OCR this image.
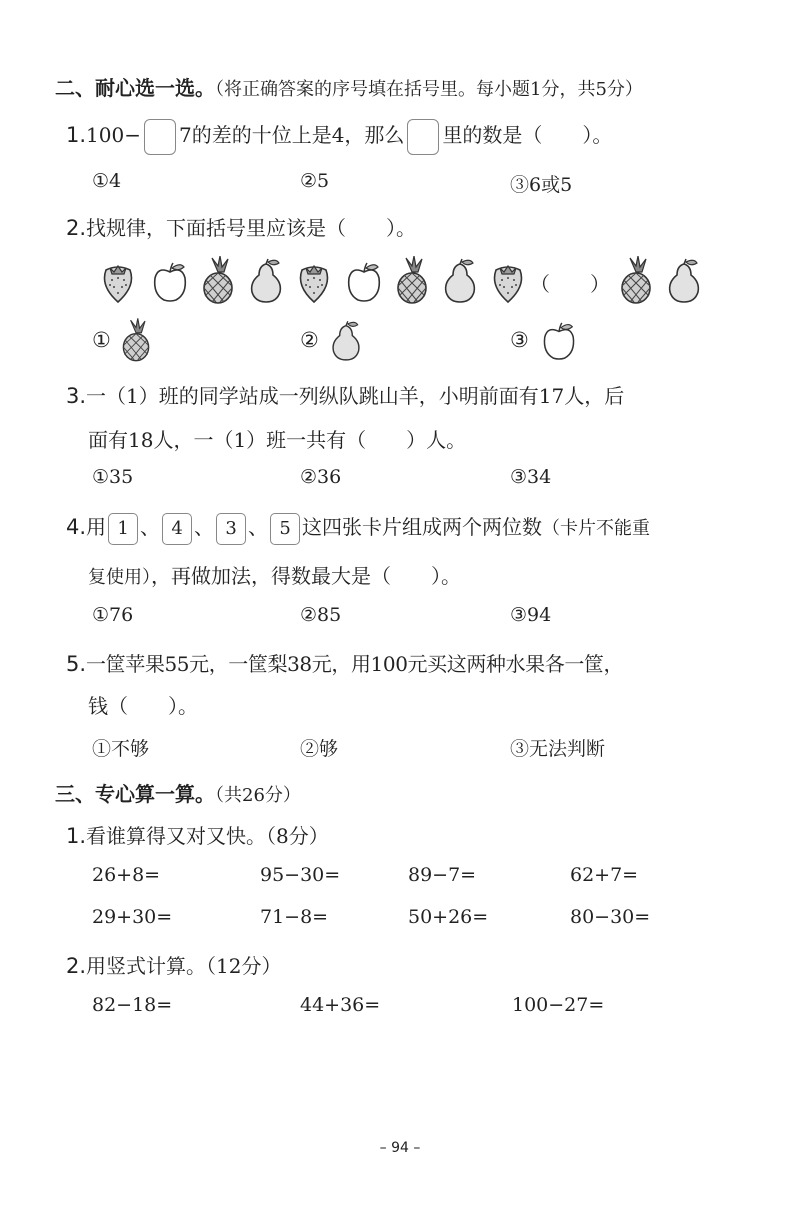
二、耐心选一选。（将正确答案的序号填在括号里。每小题1分，共5分）
1.100− 7的差的十位上是4，那么 里的数是（　　）。
①4	②5	③6或5
2.找规律，下面括号里应该是（　　）。
（　　）
①	②	③
3.一（1）班的同学站成一列纵队跳山羊，小明前面有17人，后
面有18人，一（1）班一共有（　　）人。
①35	②36	③34
4.用 1 、 4 、 3 、 5 这四张卡片组成两个两位数（卡片不能重
复使用），再做加法，得数最大是（　　）。
①76	②85	③94
5.一筐苹果55元，一筐梨38元，用100元买这两种水果各一筐，
钱（　　）。
①不够	②够	③无法判断
三、专心算一算。（共26分）
1.看谁算得又对又快。（8分）
26+8=	95−30=	89−7=	62+7=
29+30=	71−8=	50+26=	80−30=
2.用竖式计算。（12分）
82−18=	44+36=	100−27=
– 94 –
